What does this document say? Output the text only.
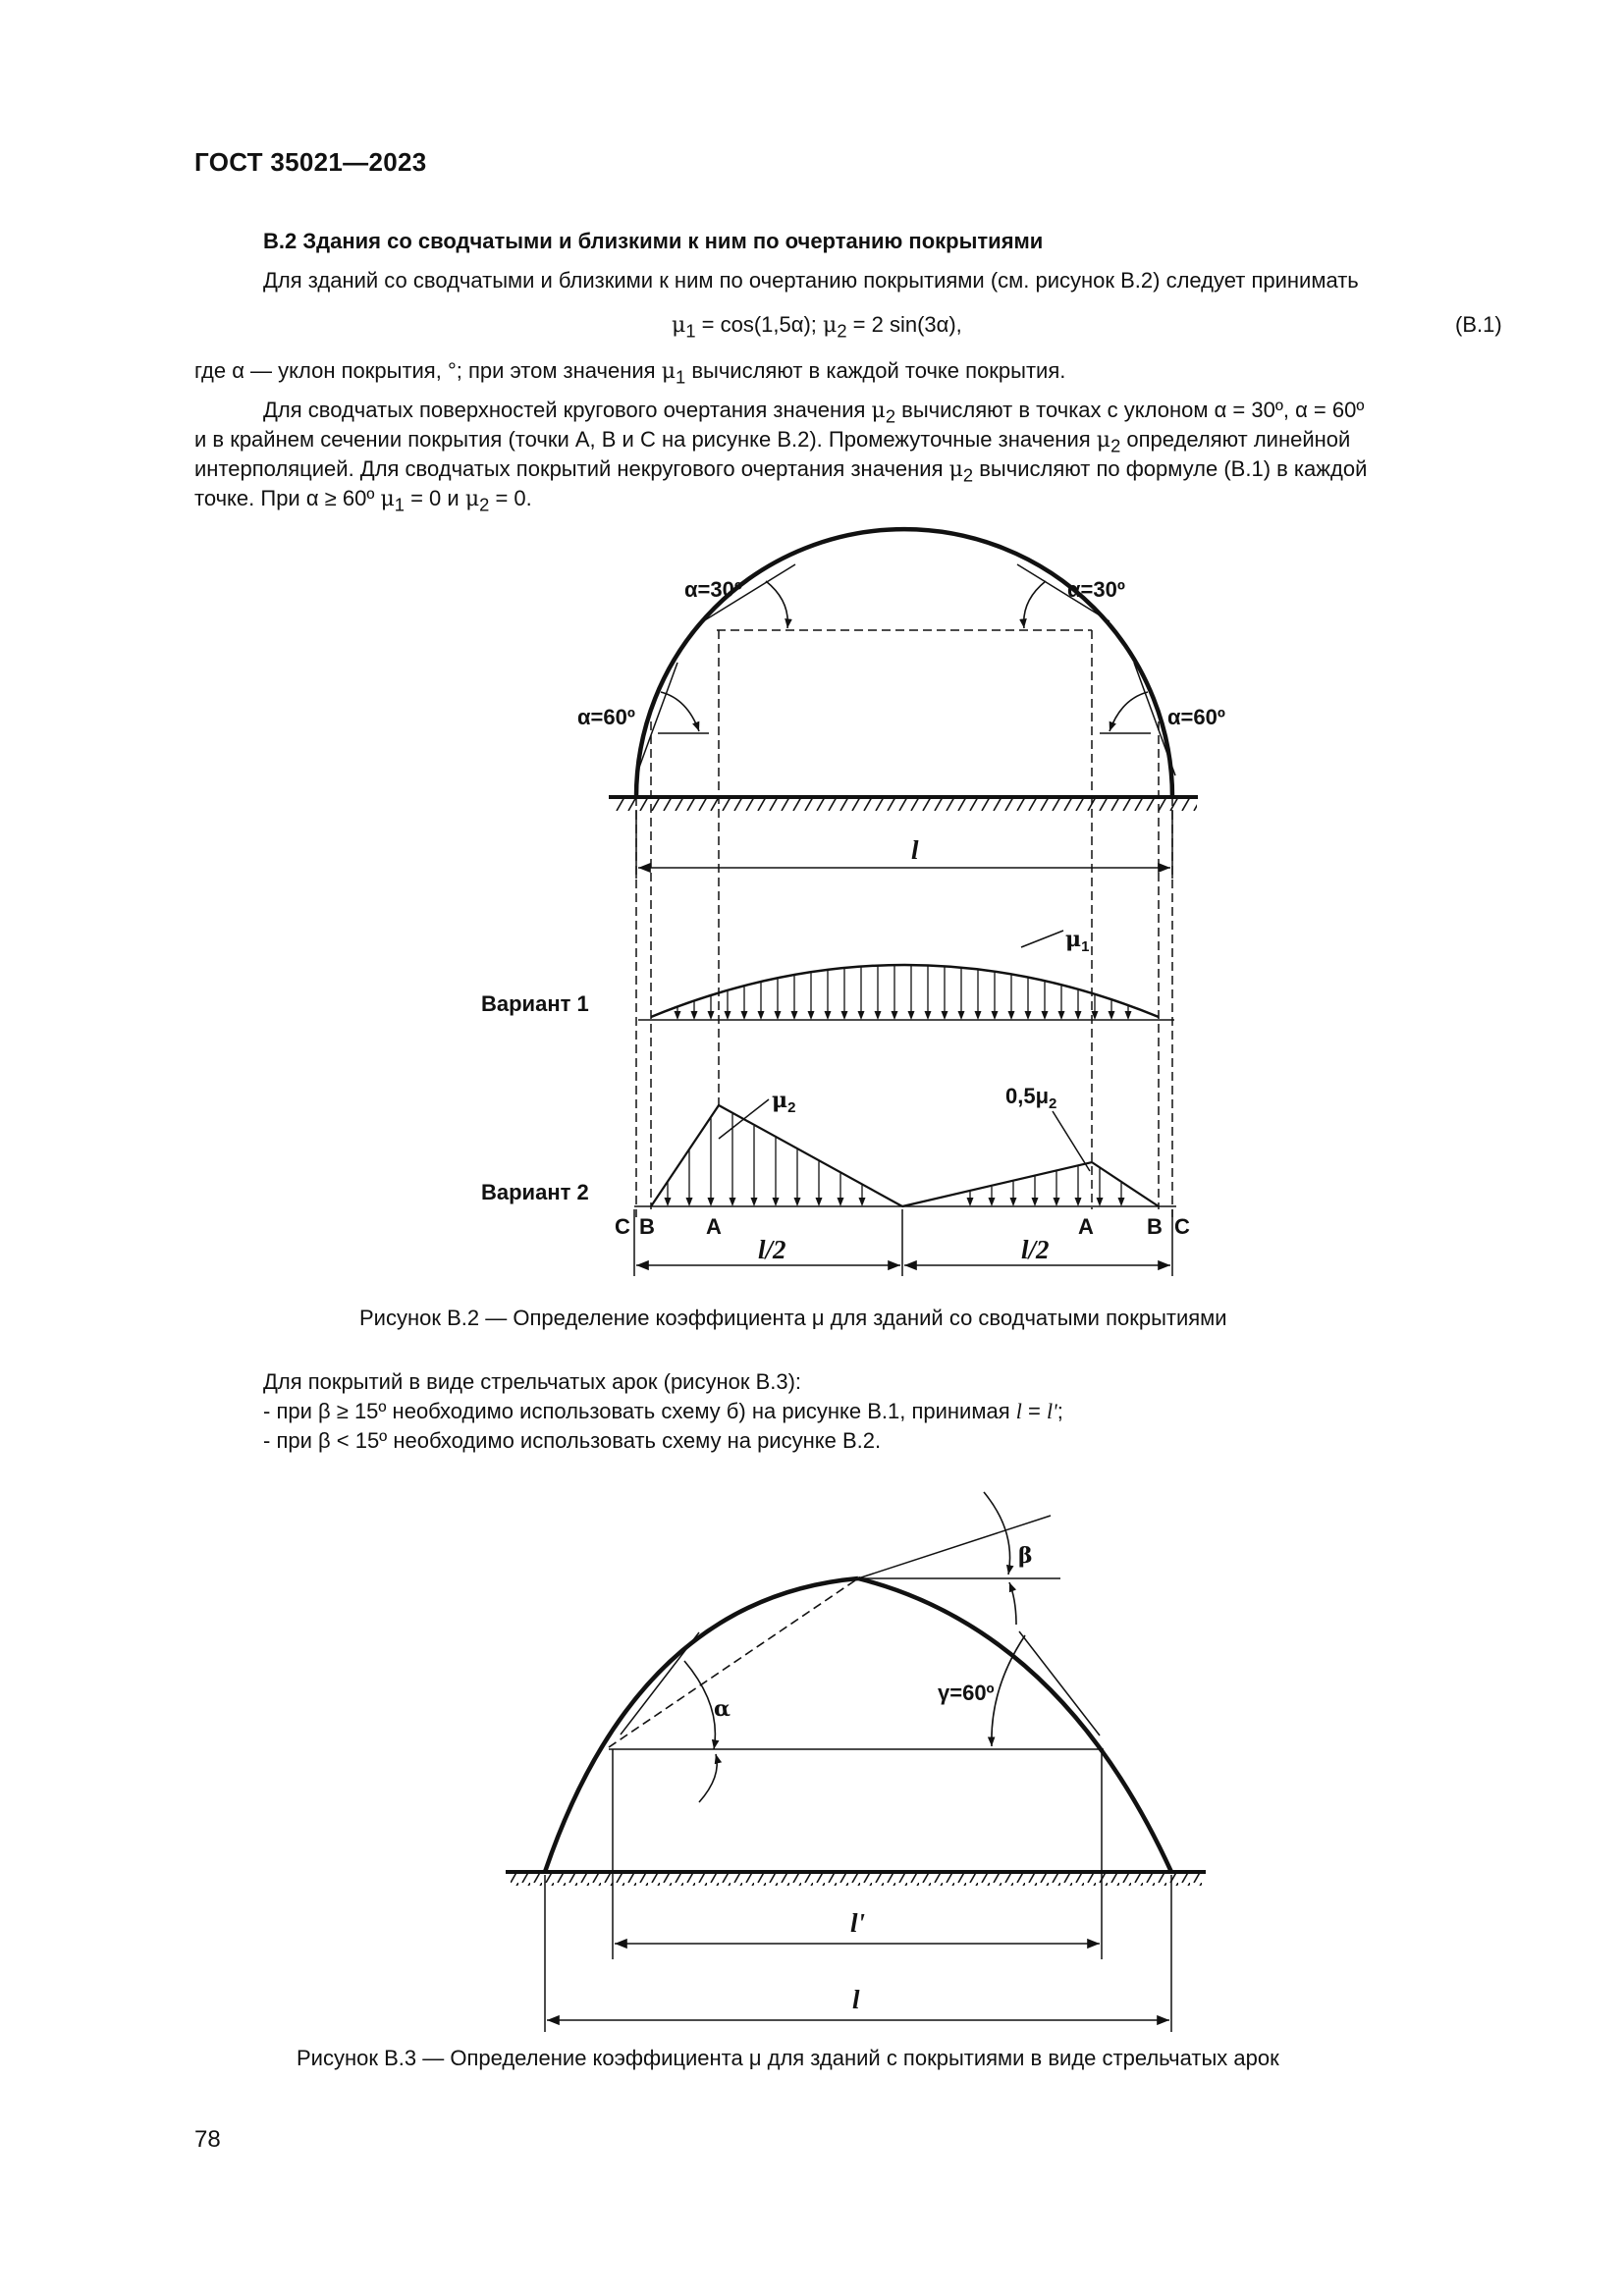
ГОСТ 35021—2023
B.2 Здания со сводчатыми и близкими к ним по очертанию покрытиями
Для зданий со сводчатыми и близкими к ним по очертанию покрытиями (см. рисунок B.2) следует принимать
$\mu_1 = \cos(1,5\alpha)$; $\mu_2 = 2$ sin(3α),	(B.1)
где α — уклон покрытия, °; при этом значения $\mu_1$ вычисляют в каждой точке покрытия.
Для сводчатых поверхностей кругового очертания значения $\mu_2$ вычисляют в точках с уклоном α = 30º, α = 60º
и в крайнем сечении покрытия (точки А, В и С на рисунке B.2). Промежуточные значения $\mu_2$ определяют линейной
интерполяцией. Для сводчатых покрытий некругового очертания значения $\mu_2$ вычисляют по формуле (B.1) в каждой
точке. При α ≥ 60º $\mu_1 = 0$ и $\mu_2 = 0$.
α=30º	α=30º
α=60º	α=60º
Вариант 1
Вариант 2
C B A	A B C
$\mu_1$
$\mu_2$	$0,5\mu_2$
l
l/2	l/2
β
α
γ=60º
l'
l
Рисунок B.2 — Определение коэффициента μ для зданий со сводчатыми покрытиями
Для покрытий в виде стрельчатых арок (рисунок B.3):
- при β ≥ 15º необходимо использовать схему б) на рисунке B.1, принимая l = l';
- при β < 15º необходимо использовать схему на рисунке B.2.
Рисунок B.3 — Определение коэффициента μ для зданий с покрытиями в виде стрельчатых арок
78
